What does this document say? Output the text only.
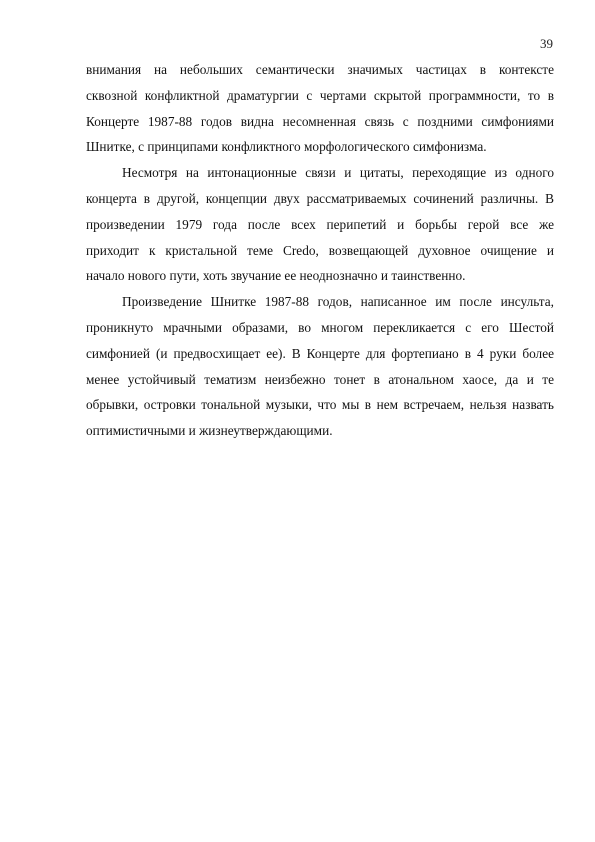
39
внимания на небольших семантически значимых частицах в контексте
сквозной конфликтной драматургии с чертами скрытой программности, то в
Концерте 1987-88 годов видна несомненная связь с поздними симфониями
Шнитке, с принципами конфликтного морфологического симфонизма.
Несмотря на интонационные связи и цитаты, переходящие из одного
концерта в другой, концепции двух рассматриваемых сочинений различны. В
произведении 1979 года после всех перипетий и борьбы герой все же
приходит к кристальной теме Credo, возвещающей духовное очищение и
начало нового пути, хоть звучание ее неоднозначно и таинственно.
Произведение Шнитке 1987-88 годов, написанное им после инсульта,
проникнуто мрачными образами, во многом перекликается с его Шестой
симфонией (и предвосхищает ее). В Концерте для фортепиано в 4 руки более
менее устойчивый тематизм неизбежно тонет в атональном хаосе, да и те
обрывки, островки тональной музыки, что мы в нем встречаем, нельзя назвать
оптимистичными и жизнеутверждающими.
